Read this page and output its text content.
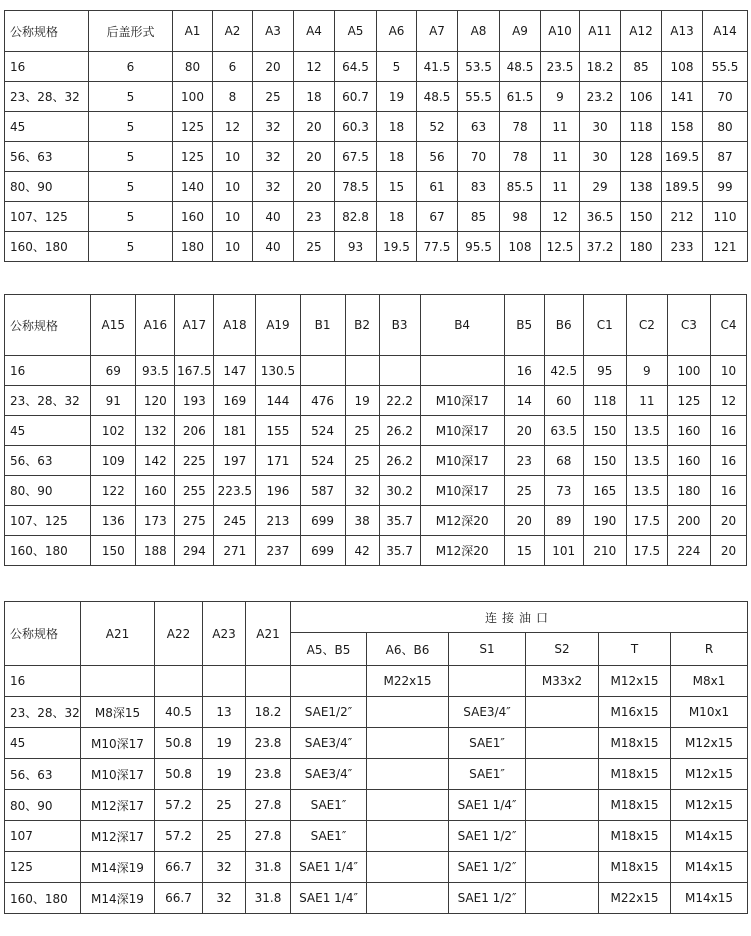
公称规格	后盖形式	A1	A2	A3	A4	A5	A6	A7	A8	A9	A10	A11	A12	A13	A14
16	6	80	6	20	12	64.5	5	41.5	53.5	48.5	23.5	18.2	85	108	55.5
23、28、32	5	100	8	25	18	60.7	19	48.5	55.5	61.5	9	23.2	106	141	70
45	5	125	12	32	20	60.3	18	52	63	78	11	30	118	158	80
56、63	5	125	10	32	20	67.5	18	56	70	78	11	30	128	169.5	87
80、90	5	140	10	32	20	78.5	15	61	83	85.5	11	29	138	189.5	99
107、125	5	160	10	40	23	82.8	18	67	85	98	12	36.5	150	212	110
160、180	5	180	10	40	25	93	19.5	77.5	95.5	108	12.5	37.2	180	233	121
公称规格	A15	A16	A17	A18	A19	B1	B2	B3	B4	B5	B6	C1	C2	C3	C4
16	69	93.5	167.5	147	130.5					16	42.5	95	9	100	10
23、28、32	91	120	193	169	144	476	19	22.2	M10深17	14	60	118	11	125	12
45	102	132	206	181	155	524	25	26.2	M10深17	20	63.5	150	13.5	160	16
56、63	109	142	225	197	171	524	25	26.2	M10深17	23	68	150	13.5	160	16
80、90	122	160	255	223.5	196	587	32	30.2	M10深17	25	73	165	13.5	180	16
107、125	136	173	275	245	213	699	38	35.7	M12深20	20	89	190	17.5	200	20
160、180	150	188	294	271	237	699	42	35.7	M12深20	15	101	210	17.5	224	20
公称规格	A21	A22	A23	A21	连接油口					
					A5、B5	A6、B6	S1	S2	T	R
16						M22x15		M33x2	M12x15	M8x1
23、28、32	M8深15	40.5	13	18.2	SAE1/2″		SAE3/4″		M16x15	M10x1
45	M10深17	50.8	19	23.8	SAE3/4″		SAE1″		M18x15	M12x15
56、63	M10深17	50.8	19	23.8	SAE3/4″		SAE1″		M18x15	M12x15
80、90	M12深17	57.2	25	27.8	SAE1″		SAE1 1/4″		M18x15	M12x15
107	M12深17	57.2	25	27.8	SAE1″		SAE1 1/2″		M18x15	M14x15
125	M14深19	66.7	32	31.8	SAE1 1/4″		SAE1 1/2″		M18x15	M14x15
160、180	M14深19	66.7	32	31.8	SAE1 1/4″		SAE1 1/2″		M22x15	M14x15
